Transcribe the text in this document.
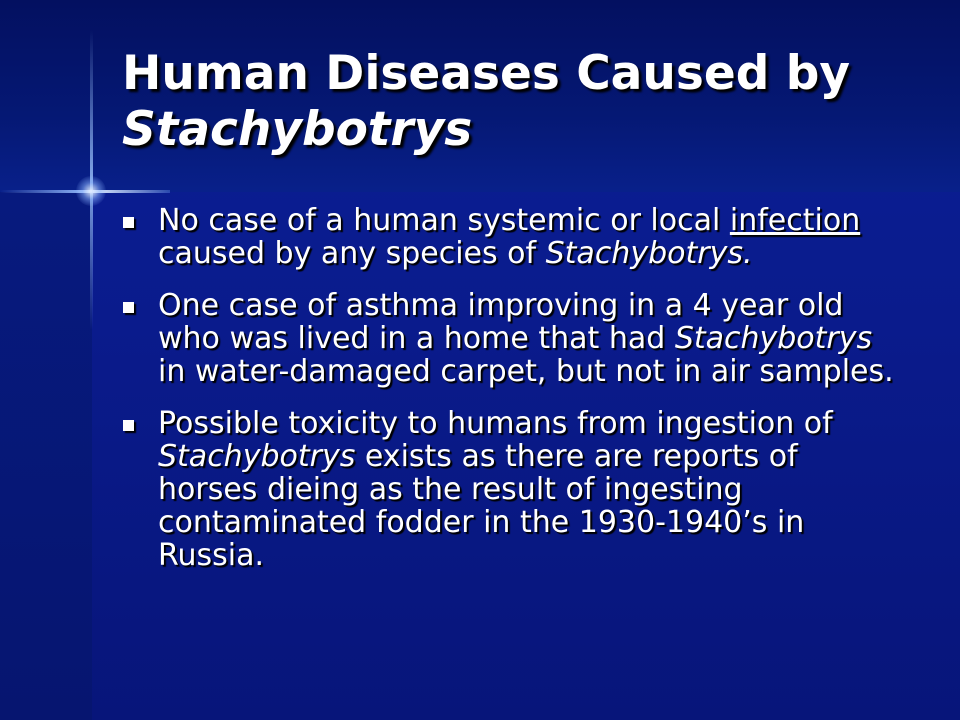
Human Diseases Caused by Stachybotrys
No case of a human systemic or local infection caused by any species of Stachybotrys.
One case of asthma improving in a 4 year old who was lived in a home that had Stachybotrys in water-damaged carpet, but not in air samples.
Possible toxicity to humans from ingestion of Stachybotrys exists as there are reports of horses dieing as the result of ingesting contaminated fodder in the 1930-1940’s in Russia.
